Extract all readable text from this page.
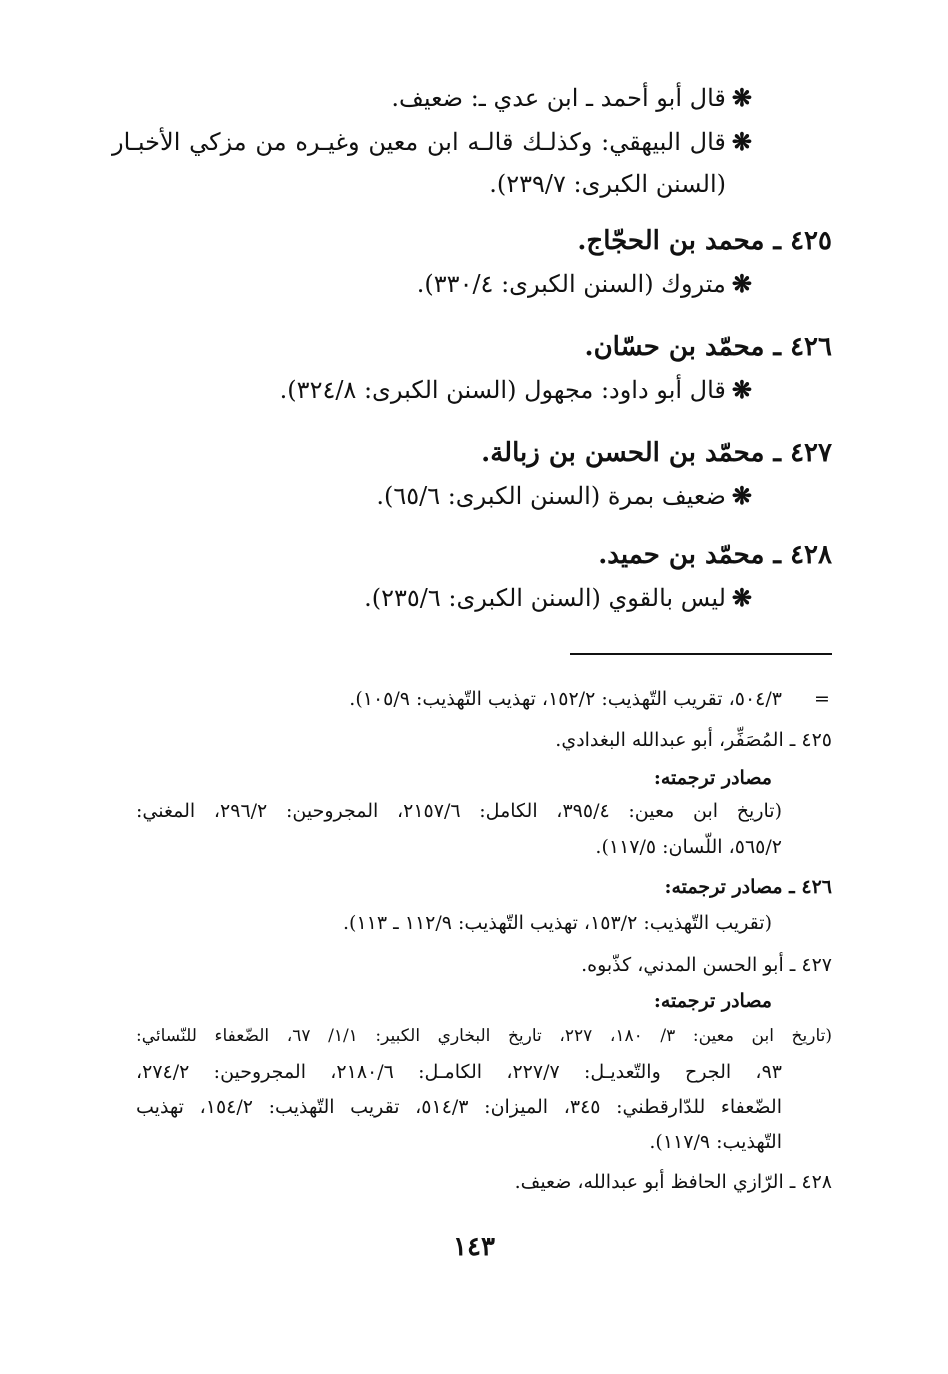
❋قال أبو أحمد ـ ابن عدي ـ: ضعيف.
❋قال البيهقي: وكذلـك قالـه ابن معين وغيـره من مزكي الأخبـار
(السنن الكبرى: ٢٣٩/٧).
٤٢٥ ـ محمد بن الحجّاج.
❋متروك (السنن الكبرى: ٣٣٠/٤).
٤٢٦ ـ محمّد بن حسّان.
❋قال أبو داود: مجهول (السنن الكبرى: ٣٢٤/٨).
٤٢٧ ـ محمّد بن الحسن بن زبالة.
❋ضعيف بمرة (السنن الكبرى: ٦٥/٦).
٤٢٨ ـ محمّد بن حميد.
❋ليس بالقوي (السنن الكبرى: ٢٣٥/٦).
=
٥٠٤/٣، تقريب التّهذيب: ١٥٢/٢، تهذيب التّهذيب: ١٠٥/٩).
٤٢٥ ـ المُصَفِّر، أبو عبدالله البغدادي.
مصادر ترجمته:
(تاريخ ابن معين: ٣٩٥/٤، الكامل: ٢١٥٧/٦، المجروحين: ٢٩٦/٢، المغني:
٥٦٥/٢، اللّسان: ١١٧/٥).
٤٢٦ ـ مصادر ترجمته:
(تقريب التّهذيب: ١٥٣/٢، تهذيب التّهذيب: ١١٢/٩ ـ ١١٣).
٤٢٧ ـ أبو الحسن المدني، كذّبوه.
مصادر ترجمته:
(تاريخ ابن معين: ٣/ ١٨٠، ٢٢٧، تاريخ البخاري الكبير: ١/١/ ٦٧، الضّعفاء للنّسائي:
٩٣، الجرح والتّعديـل: ٢٢٧/٧، الكامـل: ٢١٨٠/٦، المجروحين: ٢٧٤/٢،
الضّعفاء للدّارقطني: ٣٤٥، الميزان: ٥١٤/٣، تقريب التّهذيب: ١٥٤/٢، تهذيب
التّهذيب: ١١٧/٩).
٤٢٨ ـ الرّازي الحافظ أبو عبدالله، ضعيف.
١٤٣
